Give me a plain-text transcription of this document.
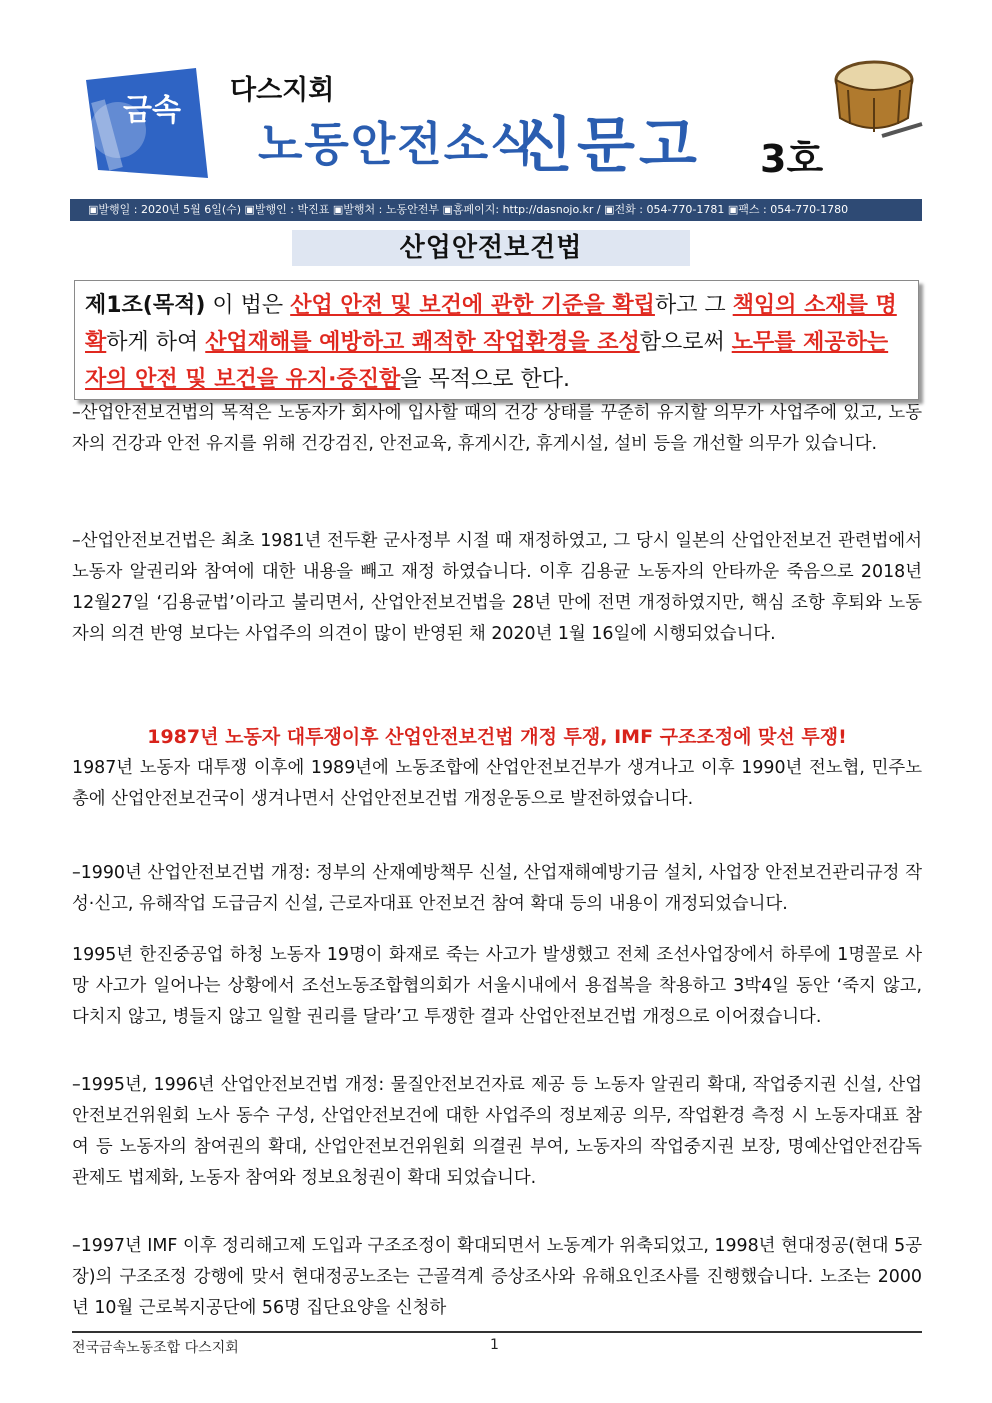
금속
다스지회
노동안전소식
신문고 3호
▣발행일 : 2020년 5월 6일(수) ▣발행인 : 박진표 ▣발행처 : 노동안전부 ▣홈페이지: http://dasnojo.kr / ▣전화 : 054-770-1781 ▣팩스 : 054-770-1780
산업안전보건법
제1조(목적) 이 법은 산업 안전 및 보건에 관한 기준을 확립하고 그 책임의 소재를 명확하게 하여 산업재해를 예방하고 쾌적한 작업환경을 조성함으로써 노무를 제공하는 자의 안전 및 보건을 유지·증진함을 목적으로 한다.
–산업안전보건법의 목적은 노동자가 회사에 입사할 때의 건강 상태를 꾸준히 유지할 의무가 사업주에 있고, 노동자의 건강과 안전 유지를 위해 건강검진, 안전교육, 휴게시간, 휴게시설, 설비 등을 개선할 의무가 있습니다.
–산업안전보건법은 최초 1981년 전두환 군사정부 시절 때 재정하였고, 그 당시 일본의 산업안전보건 관련법에서 노동자 알권리와 참여에 대한 내용을 빼고 재정 하였습니다. 이후 김용균 노동자의 안타까운 죽음으로 2018년 12월27일 ‘김용균법’이라고 불리면서, 산업안전보건법을 28년 만에 전면 개정하였지만, 핵심 조항 후퇴와 노동자의 의견 반영 보다는 사업주의 의견이 많이 반영된 채 2020년 1월 16일에 시행되었습니다.
1987년 노동자 대투쟁이후 산업안전보건법 개정 투쟁, IMF 구조조정에 맞선 투쟁!
1987년 노동자 대투쟁 이후에 1989년에 노동조합에 산업안전보건부가 생겨나고 이후 1990년 전노협, 민주노총에 산업안전보건국이 생겨나면서 산업안전보건법 개정운동으로 발전하였습니다.
–1990년 산업안전보건법 개정: 정부의 산재예방책무 신설, 산업재해예방기금 설치, 사업장 안전보건관리규정 작성·신고, 유해작업 도급금지 신설, 근로자대표 안전보건 참여 확대 등의 내용이 개정되었습니다.
1995년 한진중공업 하청 노동자 19명이 화재로 죽는 사고가 발생했고 전체 조선사업장에서 하루에 1명꼴로 사망 사고가 일어나는 상황에서 조선노동조합협의회가 서울시내에서 용접복을 착용하고 3박4일 동안 ‘죽지 않고, 다치지 않고, 병들지 않고 일할 권리를 달라’고 투쟁한 결과 산업안전보건법 개정으로 이어졌습니다.
–1995년, 1996년 산업안전보건법 개정: 물질안전보건자료 제공 등 노동자 알권리 확대, 작업중지권 신설, 산업안전보건위원회 노사 동수 구성, 산업안전보건에 대한 사업주의 정보제공 의무, 작업환경 측정 시 노동자대표 참여 등 노동자의 참여권의 확대, 산업안전보건위원회 의결권 부여, 노동자의 작업중지권 보장, 명예산업안전감독관제도 법제화, 노동자 참여와 정보요청권이 확대 되었습니다.
–1997년 IMF 이후 정리해고제 도입과 구조조정이 확대되면서 노동계가 위축되었고, 1998년 현대정공(현대 5공장)의 구조조정 강행에 맞서 현대정공노조는 근골격계 증상조사와 유해요인조사를 진행했습니다. 노조는 2000년 10월 근로복지공단에 56명 집단요양을 신청하
전국금속노동조합 다스지회	1
